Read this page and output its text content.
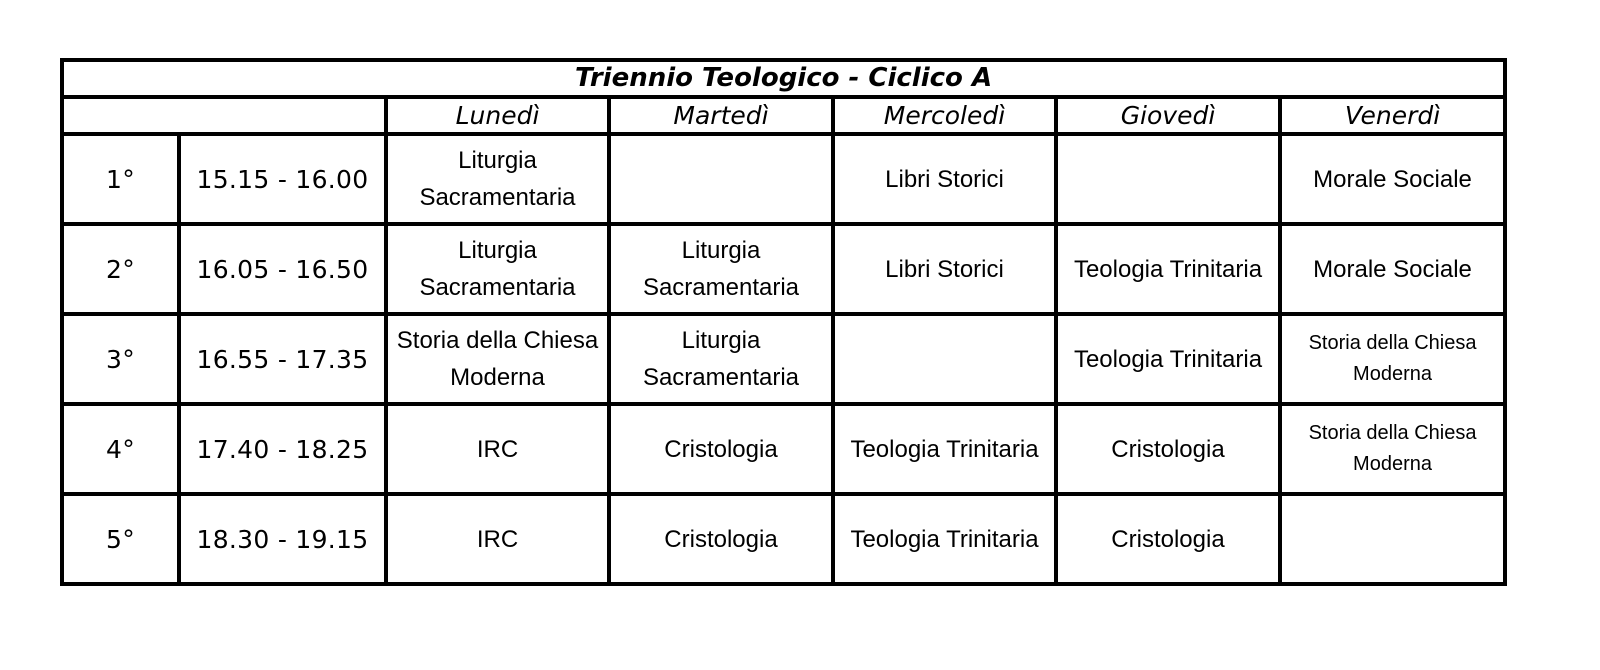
Triennio Teologico - Ciclico A						
		Lunedì	Martedì	Mercoledì	Giovedì	Venerdì
1°	15.15 - 16.00	Liturgia
Sacramentaria		Libri Storici		Morale Sociale

2°	16.05 - 16.50	Liturgia
Sacramentaria	Liturgia
Sacramentaria	Libri Storici	Teologia Trinitaria	Morale Sociale

3°	16.55 - 17.35	Storia della Chiesa
Moderna	Liturgia
Sacramentaria		Teologia Trinitaria	Storia della Chiesa
Moderna

4°	17.40 - 18.25	IRC	Cristologia	Teologia Trinitaria	Cristologia	Storia della Chiesa
Moderna

5°	18.30 - 19.15	IRC	Cristologia	Teologia Trinitaria	Cristologia	
